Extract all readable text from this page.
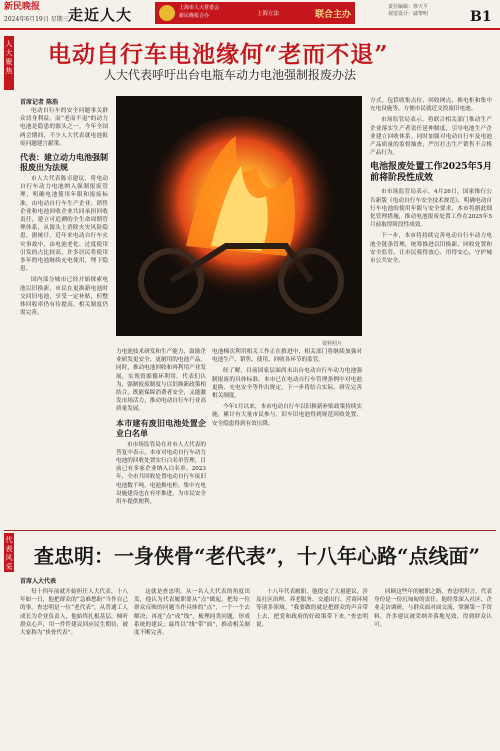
新民晚报
2024年6月19日 星期三 走近人大	上海市人大常委会
新民晚报合办	上海立法	联合主办
责任编辑：徐天平
视觉设计：戚黎明	B1
人大聚焦
电动自行车电池缘何“老而不退”
人大代表呼吁出台电瓶车动力电池强制报废办法
首席记者 陈浩

电动自行车的安全问题事关群众切身利益。而“老而不退”的动力电池是隐患的源头之一。今年全国两会期间，不少人大代表就电池报废问题建言献策。

代表：建立动力电池强制报废出为法规

市人大代表陈卓建议，将电动自行车动力电池纳入强制报废管理，明确电池使用年限和报废标准，由电动自行车生产企业、销售企业和电池回收企业共同承担回收责任，建立可追溯的全生命周期管理体系，从源头上消除火灾风险隐患。据统计，近年来电动自行车火灾事故中，由电池老化、过度使用引发的占比较高，许多居民将使用多年的电池继续充电使用，埋下隐患。

国内部分城市已经开始探索电池以旧换新，市民在更换新电池时交回旧电池，享受一定补贴，但整体回收率仍有待提高，相关制度仍需完善。

资料照片

力电池技术研发和生产能力，鼓励企业研发更安全、更耐用的电池产品。同时，推动电池回收和再利用产业发展，实现资源循环利用。代表们认为，强制报废制度与以旧换新政策相结合，既能保障消费者安全，又能激发市场活力，推动电动自行车行业高质量发展。

本市建有废旧电池处置企业白名单

市市场监管局在对市人大代表的答复中表示，本市对电动自行车动力电池的回收处置实行白名单管理，目前已有多家企业纳入白名单。2023年，全市共回收处置电动自行车废旧电池数千吨，电池换电柜、集中充电设施建设也在有序推进，为市民安全用车提供便利。

电池梯次利用相关工作正在推进中，相关部门将继续加强对电池生产、销售、使用、回收各环节的监管。

经了解，目前国家层面尚未出台电动自行车动力电池强制报废的具体标准。本市已在电动自行车管理条例中对电池更换、充电安全等作出规定，下一步将结合实际，研究完善相关制度。

今年1月以来，本市电动自行车以旧换新补贴政策持续实施，累计有大量市民参与，旧车旧电池得到规范回收处置，安全隐患得到有效压降。

方式。包括收集点位、回收网点、换电柜和集中充电设施等，方便市民就近交投废旧电池。

市场监管局表示，将联合相关部门推动生产企业落实生产者责任延伸制度，引导电池生产企业建立回收体系。同时加强对电动自行车及电池产品质量的监督抽查，严厉打击生产销售不合格产品行为。

电池报废处置工作2025年5月前将阶段性成效

市市场监管局表示，4月26日，国家推行公告新版《电动自行车安全技术规范》，明确电动自行车电池的使用年限与安全要求，本市将据此细化管理措施，推动电池报废处置工作在2025年5月前取得阶段性成效。

下一步，本市将持续完善电动自行车动力电池全链条管理，统筹推进以旧换新、回收处置和安全监管，让市民骑得放心、用得安心，守护城市公共安全。

代表风采 查忠明：一身侠骨“老代表”，十八年心路“点线面”
首席人大代表

每十四年前就开始担任人大代表，十八年如一日，他把群众的“急难愁盼”当作自己的事。查忠明是一位“老代表”，从普通工人成长为企业负责人，他始终扎根基层，倾听群众心声，用一件件建议回应民生期待，被大家称为“侠骨代表”。

这就是查忠明。从一名人大代表的角度出发，他认为代表履职要从“点”做起，把每一位群众反映的问题当作具体的“点”，一个一个去解决；再连“点”成“线”，梳理同类问题，形成系统的建议；最终以“线”带“面”，推动相关制度不断完善。

十八年代表履职，他提交了大量建议，涉及社区治理、养老服务、交通出行、营商环境等诸多领域。“我要做的就是把群众的声音带上去，把党和政府的好政策带下来。”查忠明说。

回顾这些年的履职之路，查忠明坦言，代表身份是一份沉甸甸的责任。他经常深入社区、企业走访调研，与群众面对面交流，掌握第一手资料，许多建议被采纳并落地见效，得到群众认可。
